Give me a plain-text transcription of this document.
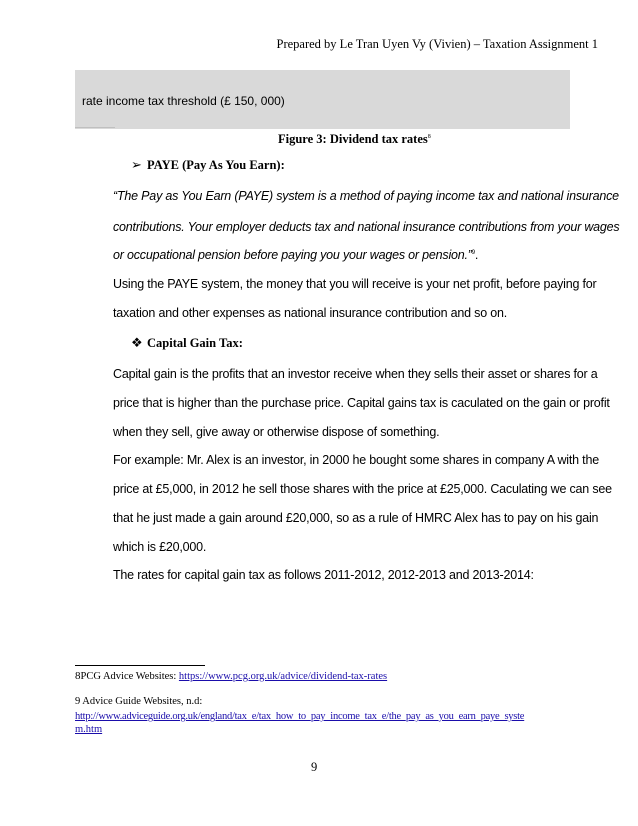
Prepared by Le Tran Uyen Vy (Vivien) – Taxation Assignment 1
rate income tax threshold (£ 150, 000)
Figure 3: Dividend tax rates$^8$
➢ PAYE (Pay As You Earn):
“The Pay as You Earn (PAYE) system is a method of paying income tax and national insurance
contributions. Your employer deducts tax and national insurance contributions from your wages
or occupational pension before paying you your wages or pension.”$^9$.
Using the PAYE system, the money that you will receive is your net profit, before paying for
taxation and other expenses as national insurance contribution and so on.
❖ Capital Gain Tax:
Capital gain is the profits that an investor receive when they sells their asset or shares for a
price that is higher than the purchase price. Capital gains tax is caculated on the gain or profit
when they sell, give away or otherwise dispose of something.
For example: Mr. Alex is an investor, in 2000 he bought some shares in company A with the
price at £5,000, in 2012 he sell those shares with the price at £25,000. Caculating we can see
that he just made a gain around £20,000, so as a rule of HMRC Alex has to pay on his gain
which is £20,000.
The rates for capital gain tax as follows 2011-2012, 2012-2013 and 2013-2014:
8PCG Advice Websites: https://www.pcg.org.uk/advice/dividend-tax-rates
9 Advice Guide Websites, n.d:
http://www.adviceguide.org.uk/england/tax_e/tax_how_to_pay_income_tax_e/the_pay_as_you_earn_paye_syste
m.htm
9
